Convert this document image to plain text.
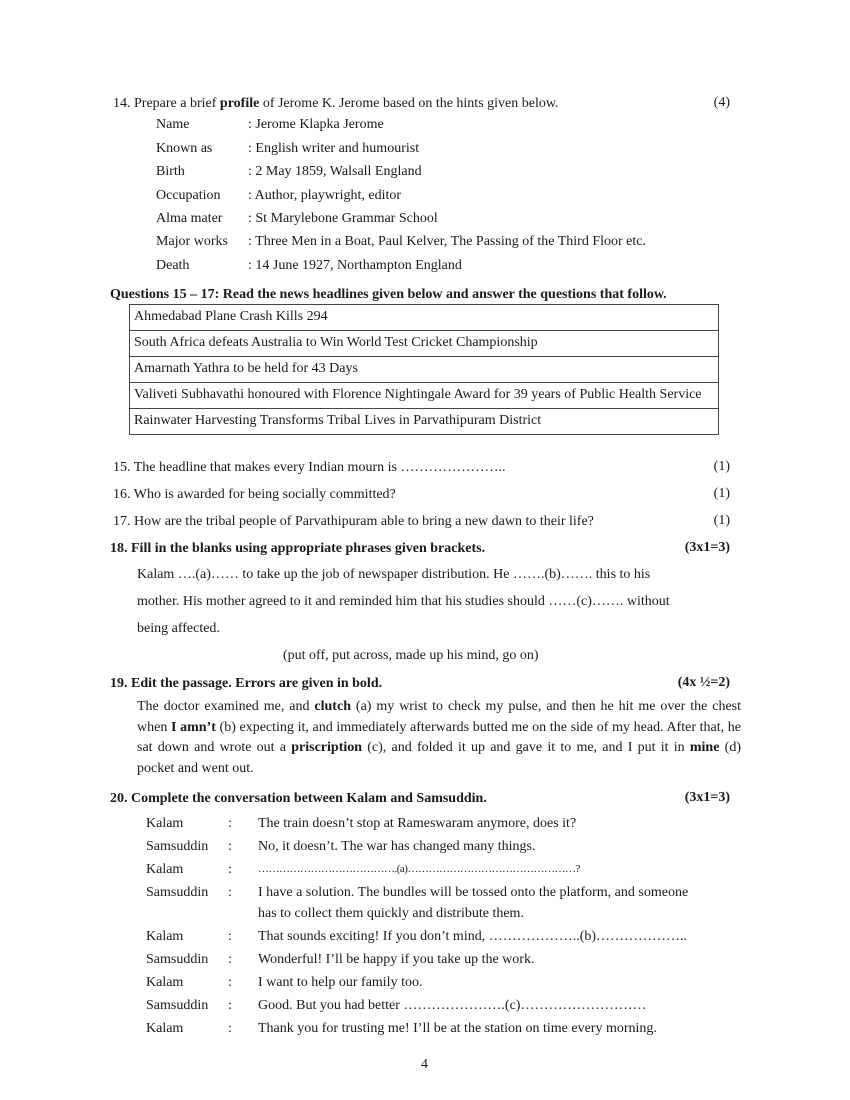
14. Prepare a brief profile of Jerome K. Jerome based on the hints given below.	(4)
Name	: Jerome Klapka Jerome
Known as	: English writer and humourist
Birth	: 2 May 1859, Walsall England
Occupation : Author, playwright, editor
Alma mater : St Marylebone Grammar School
Major works : Three Men in a Boat, Paul Kelver, The Passing of the Third Floor etc.
Death	: 14 June 1927, Northampton England
Questions 15 – 17: Read the news headlines given below and answer the questions that follow.
Ahmedabad Plane Crash Kills 294
South Africa defeats Australia to Win World Test Cricket Championship
Amarnath Yathra to be held for 43 Days
Valiveti Subhavathi honoured with Florence Nightingale Award for 39 years of Public Health Service
Rainwater Harvesting Transforms Tribal Lives in Parvathipuram District
15. The headline that makes every Indian mourn is …………………..	(1)
16. Who is awarded for being socially committed?	(1)
17. How are the tribal people of Parvathipuram able to bring a new dawn to their life?	(1)
18. Fill in the blanks using appropriate phrases given brackets.	(3x1=3)
Kalam ….(a)…… to take up the job of newspaper distribution. He …….(b)……. this to his
mother. His mother agreed to it and reminded him that his studies should ……(c)……. without
being affected.
(put off, put across, made up his mind, go on)
19. Edit the passage. Errors are given in bold.	(4x ½=2)
The doctor examined me, and clutch (a) my wrist to check my pulse, and then he hit me over the chest when I amn’t (b) expecting it, and immediately afterwards butted me on the side of my head. After that, he sat down and wrote out a priscription (c), and folded it up and gave it to me, and I put it in mine (d) pocket and went out.
20. Complete the conversation between Kalam and Samsuddin.	(3x1=3)
Kalam	: The train doesn’t stop at Rameswaram anymore, does it?
Samsuddin : No, it doesn’t. The war has changed many things.
Kalam	: ………………………………….(a)…………………………………………?
Samsuddin : I have a solution. The bundles will be tossed onto the platform, and someone has to collect them quickly and distribute them.
Kalam	: That sounds exciting! If you don’t mind, ………………..(b)………………..
Samsuddin : Wonderful! I’ll be happy if you take up the work.
Kalam	: I want to help our family too.
Samsuddin : Good. But you had better ………………….(c)………………………
Kalam	: Thank you for trusting me! I’ll be at the station on time every morning.
4
